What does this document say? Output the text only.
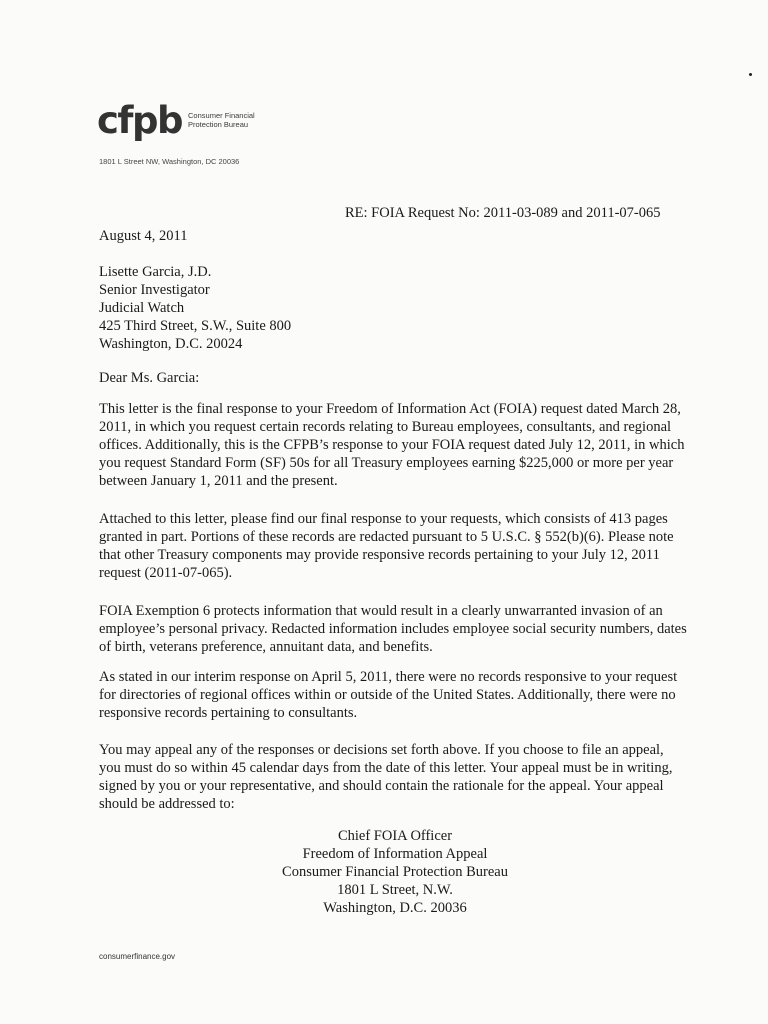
cfpb Consumer Financial
Protection Bureau
1801 L Street NW, Washington, DC 20036
RE: FOIA Request No: 2011-03-089 and 2011-07-065
August 4, 2011
Lisette Garcia, J.D.
Senior Investigator
Judicial Watch
425 Third Street, S.W., Suite 800
Washington, D.C. 20024
Dear Ms. Garcia:

This letter is the final response to your Freedom of Information Act (FOIA) request dated March 28, 2011, in which you request certain records relating to Bureau employees, consultants, and regional offices. Additionally, this is the CFPB’s response to your FOIA request dated July 12, 2011, in which you request Standard Form (SF) 50s for all Treasury employees earning $225,000 or more per year between January 1, 2011 and the present.

Attached to this letter, please find our final response to your requests, which consists of 413 pages granted in part. Portions of these records are redacted pursuant to 5 U.S.C. § 552(b)(6). Please note that other Treasury components may provide responsive records pertaining to your July 12, 2011 request (2011-07-065).

FOIA Exemption 6 protects information that would result in a clearly unwarranted invasion of an employee’s personal privacy. Redacted information includes employee social security numbers, dates of birth, veterans preference, annuitant data, and benefits.

As stated in our interim response on April 5, 2011, there were no records responsive to your request for directories of regional offices within or outside of the United States. Additionally, there were no responsive records pertaining to consultants.

You may appeal any of the responses or decisions set forth above. If you choose to file an appeal, you must do so within 45 calendar days from the date of this letter. Your appeal must be in writing, signed by you or your representative, and should contain the rationale for the appeal. Your appeal should be addressed to:

Chief FOIA Officer
Freedom of Information Appeal
Consumer Financial Protection Bureau
1801 L Street, N.W.
Washington, D.C. 20036
consumerfinance.gov
